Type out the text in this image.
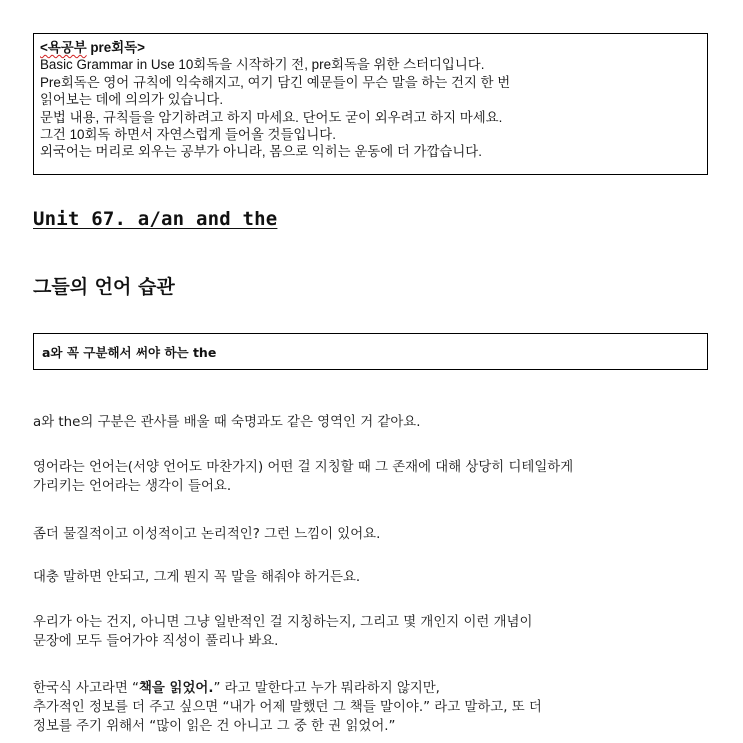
<욕공부 pre회독>
Basic Grammar in Use 10회독을 시작하기 전, pre회독을 위한 스터디입니다.
Pre회독은 영어 규칙에 익숙해지고, 여기 담긴 예문들이 무슨 말을 하는 건지 한 번
읽어보는 데에 의의가 있습니다.
문법 내용, 규칙들을 암기하려고 하지 마세요. 단어도 굳이 외우려고 하지 마세요.
그건 10회독 하면서 자연스럽게 들어올 것들입니다.
외국어는 머리로 외우는 공부가 아니라, 몸으로 익히는 운동에 더 가깝습니다.
Unit 67. a/an and the
그들의 언어 습관
a와 꼭 구분해서 써야 하는 the
a와 the의 구분은 관사를 배울 때 숙명과도 같은 영역인 거 같아요.
영어라는 언어는(서양 언어도 마찬가지) 어떤 걸 지칭할 때 그 존재에 대해 상당히 디테일하게
가리키는 언어라는 생각이 들어요.
좀더 물질적이고 이성적이고 논리적인? 그런 느낌이 있어요.
대충 말하면 안되고, 그게 뭔지 꼭 말을 해줘야 하거든요.
우리가 아는 건지, 아니면 그냥 일반적인 걸 지칭하는지, 그리고 몇 개인지 이런 개념이
문장에 모두 들어가야 직성이 풀리나 봐요.
한국식 사고라면 “책을 읽었어.” 라고 말한다고 누가 뭐라하지 않지만,
추가적인 정보를 더 주고 싶으면 “내가 어제 말했던 그 책들 말이야.” 라고 말하고, 또 더
정보를 주기 위해서 “많이 읽은 건 아니고 그 중 한 권 읽었어.”
